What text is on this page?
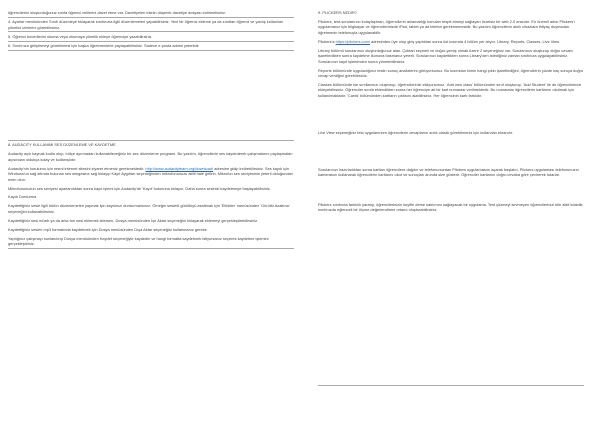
öğrencilerini oluşturduğunuz sınıfa öğrenci velilerini davet etme var. Davetiyeleri ekinin düşerek davetiye dosyası indirmelisiniz.

4. Ayarlar menüsünden Sınıfı düzenleye tıklayarak sınıfınızla ilgili düzenlemeleri yapabilirsiniz. Yeni bir öğrenci ekleme ya da sınıftan öğrenci ve yanlış kullanılan yönetici izinlerini görebilirsiniz.

5. Öğrenci becerilerini okuma veya okumaya yönelik ekleye öğrenciye yazabilirsiniz.

6. Sınıfınıza geliştirmeyi görebilmesi için başka öğretmenlerle paylaşabilirsiniz. Sadece e-posta adresi yeterlidir.

8. AUDACITY KULLANIMI SES DÜZENLEME VE KAYDETME

Audacity açık kaynak kodlu olup, bütçe ayırmadan kullanabileceğiniz bir ses düzenleme programı. Bu yazılım, öğrencilerin ses kaydederek çalışmalarını paylaşmaları açısından oldukça kolay ve kullanışlıdır.

Audacity'nin kurulumu için resmi internet sitesini ziyaret etmeniz gerekmektedir. http://www.audacityteam.org/download/ adresine gidip indirebilirsiniz. Ses kaydı için Windows'un sağ altında bulunan ses simgesine sağ tıklayıp Kayıt Aygıtları seçeneğinden mikrofonunuzu aktif hale getirin. Mikrofon ses seviyesinin yeterli olduğundan emin olun.

Mikrofonunuzun ses seviyesi ayarlandıktan sonra kayıt işlemi için Audacity'de 'Kayıt' butonuna tıklayın. Daha sonra sesinizi kaydetmeye başlayabilirsiniz.

Kaydı Durdurma

Kaydettiğiniz sesle ilgili bütün düzenlemeleri yapmak için kaydınızı durdurmalısınız. Örneğin sesteki gürültüyü azaltmak için 'Efektler' menüsünden 'Gürültü Azaltma' seçeneğini kullanabilirsiniz.

Kaydettiğiniz sesi müzik ya da arka fon sesi eklemek istersen, Dosya menüsünden İçe Aktar seçeneğini tıklayarak eklemeyi gerçekleştirebilirsiniz.

Kaydettiğiniz sesleri mp3 formatında kaydetmek için Dosya menüsünden Dışa Aktar seçeneğini kullanmanız gerekir.

Yaptığınız çalışmayı sonlandırıp Dosya menüsünden Kaydet seçeneğiyle kaydedin ve hangi formatta kaydetmek istiyorsanız seçerek kaydetme işlemini gerçekleştiriniz.

9. PLICKERS NEDİR?

Plickers, test-sorularınızı kolaylaştıran, öğrencilerin anlamadığı konuları tespit etmeyi sağlayan ücretsiz bir web 2.0 aracıdır. En önemli artısı Plickers'ı uygulamanız için bilgisayar ve öğrencilerinizde iPad, tablet ya da telefon gerekmemesidir. Bu yazılım öğrencilerin akıllı cihazlara ihtiyaç duymadan öğretmenin telefonuyla uygulanabilir.

Plickers'a https://plickers.com/ adresinden üye olup giriş yaptıktan sonra üst kısımda 4 bölüm yer alıyor. Library, Reports, Classes, Live View.

Library bölümü sorularınızı oluşturduğunuz alan. Çoktan seçmeli ve doğru-yanlış olmak üzere 2 seçeneğiniz var. Sorularınızı oluşturup doğru cevabı işaretledikten sonra kaydetme ikonuna basmanız yeterli. Sorularınızı kaydettikten sonra Library'den istediğiniz zaman sınıfınıza uygulayabilirsiniz. Sorularınızı kayıt işleminden sonra yönetebilirsiniz.

Reports bölümünde uyguladığınız testin sonuç analizlerini görüyorsunuz. Bu kısımdan kimin hangi şıkkı işaretlediğini, öğrencilerin yüzde kaç soruya doğru cevap verdiğini görebilirsiniz.

Classes bölümünde ise sınıflarınızı oluşturup, öğrencilerinizi ekliyorsunuz. 'Add new class' bölümünden sınıf oluşturup, 'Add Student' ile de öğrencilerinizi ekleyebilirsiniz. Öğrenciler sınıfa eklendikten sonra her öğrenciye ait bir kart numarası verilmektedir. Bu numaralar öğrencilerin kartlarını okutmak için kullanılmaktadır. 'Cards' bölümünden kartların çıktısını alabilirsiniz. Her öğrencinin kartı farklıdır.

Live View seçeneğiniz test uygulanırken öğrencilerin cevaplarını anlık olarak görebilmeniz için kullanılan ekrandır.

Sorularınızı hazırladıktan sonra kartları öğrencilere dağıtın ve telefonunuzdan Plickers uygulamasını açarak başlatın. Plickers uygulaması telefonunuzın kamerasını kullanarak öğrencilerin kartlarını okur ve sonuçları anında size gösterir. Öğrenciler kartlarını doğru cevaba göre çevirerek tutarlar.

Plickers sınıfında farklılık yaratıp, öğrencilerinizin keyifle derse katılımını sağlayacak bir uygulama. Test çözmeyi sevmeyen öğrencilerinizi bile aktif kılabilir, sınıfınızda eğlenceli bir ölçme-değerlendirme ortamı oluşturabilirsiniz.
